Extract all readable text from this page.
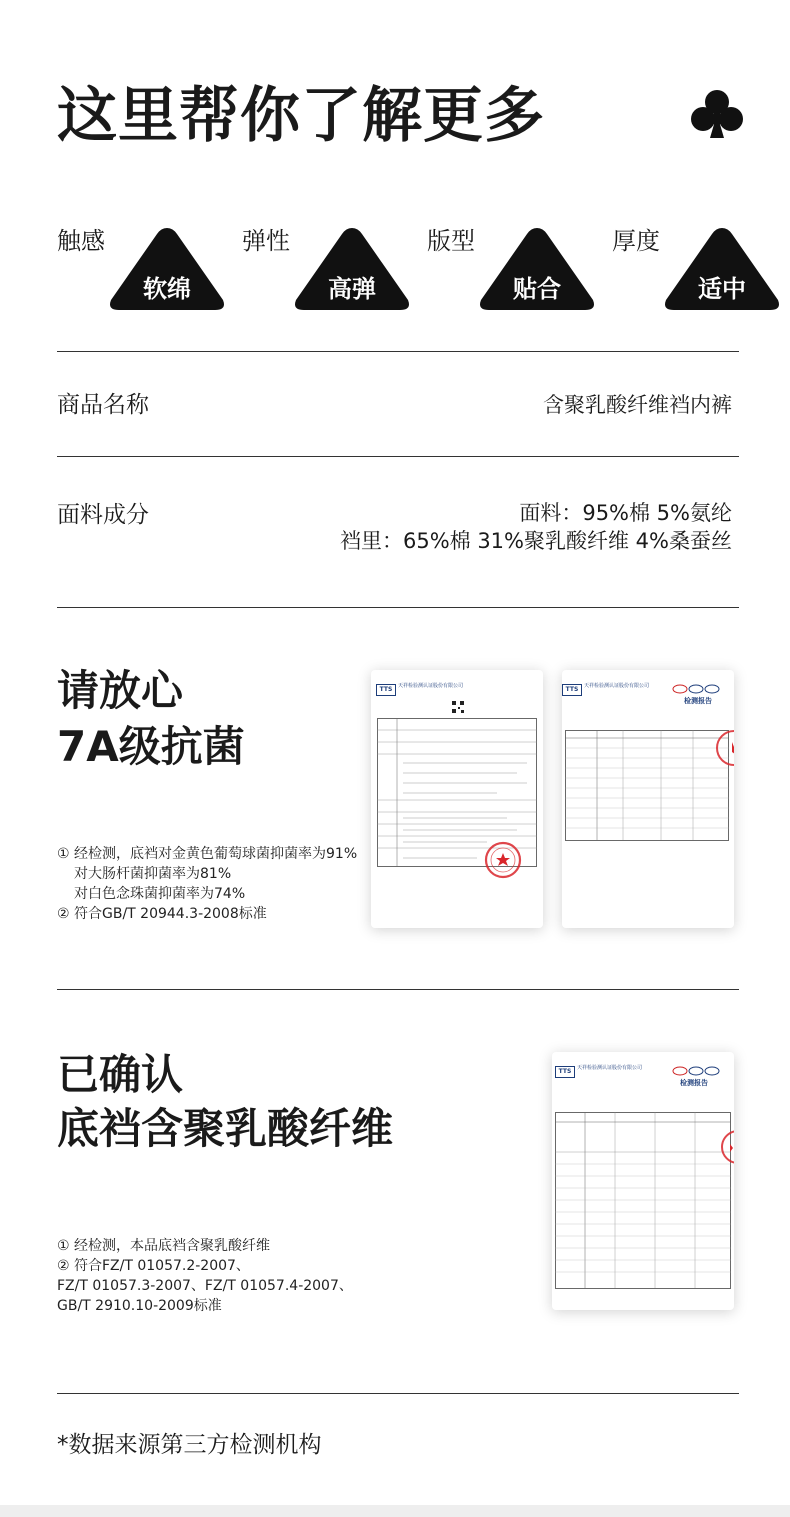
这里帮你了解更多
触感
软绵
弹性
高弹
版型
贴合
厚度
适中
商品名称	含聚乳酸纤维裆内裤
面料成分	面料：95%棉 5%氨纶
裆里：65%棉 31%聚乳酸纤维 4%桑蚕丝
请放心
7A级抗菌
① 经检测，底裆对金黄色葡萄球菌抑菌率为91%
对大肠杆菌抑菌率为81%
对白色念珠菌抑菌率为74%
② 符合GB/T 20944.3-2008标准
TTS	天祥检验测认证股份有限公司	TTS	天祥检验测认证股份有限公司
检测报告
已确认
底裆含聚乳酸纤维
① 经检测，本品底裆含聚乳酸纤维
② 符合FZ/T 01057.2-2007、
FZ/T 01057.3-2007、FZ/T 01057.4-2007、
GB/T 2910.10-2009标准
TTS	天祥检验测认证股份有限公司
检测报告
*数据来源第三方检测机构
